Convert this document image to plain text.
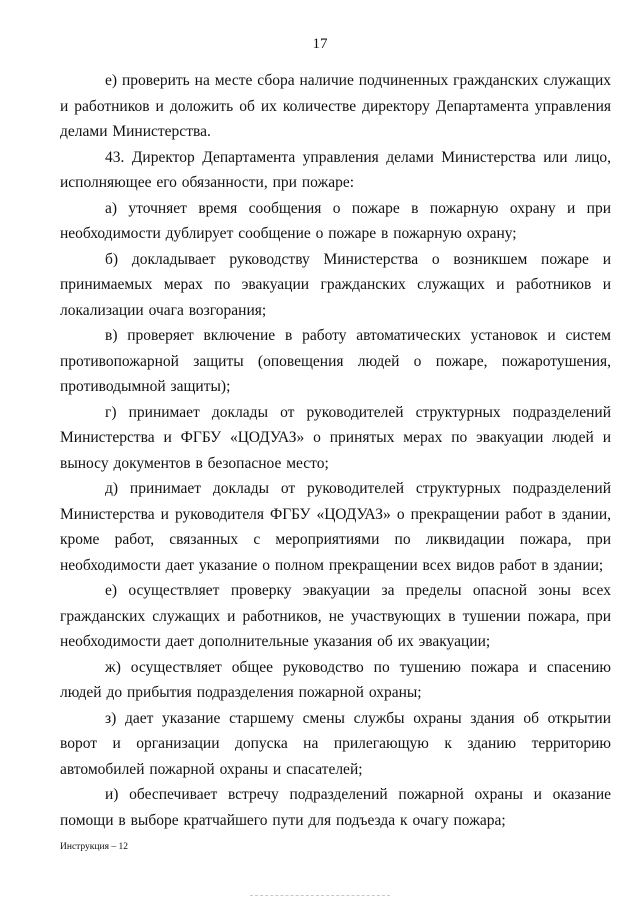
17

е) проверить на месте сбора наличие подчиненных гражданских служащих и работников и доложить об их количестве директору Департамента управления делами Министерства.

43. Директор Департамента управления делами Министерства или лицо, исполняющее его обязанности, при пожаре:

а) уточняет время сообщения о пожаре в пожарную охрану и при необходимости дублирует сообщение о пожаре в пожарную охрану;

б) докладывает руководству Министерства о возникшем пожаре и принимаемых мерах по эвакуации гражданских служащих и работников и локализации очага возгорания;

в) проверяет включение в работу автоматических установок и систем противопожарной защиты (оповещения людей о пожаре, пожаротушения, противодымной защиты);

г) принимает доклады от руководителей структурных подразделений Министерства и ФГБУ «ЦОДУАЗ» о принятых мерах по эвакуации людей и выносу документов в безопасное место;

д) принимает доклады от руководителей структурных подразделений Министерства и руководителя ФГБУ «ЦОДУАЗ» о прекращении работ в здании, кроме работ, связанных с мероприятиями по ликвидации пожара, при необходимости дает указание о полном прекращении всех видов работ в здании;

е) осуществляет проверку эвакуации за пределы опасной зоны всех гражданских служащих и работников, не участвующих в тушении пожара, при необходимости дает дополнительные указания об их эвакуации;

ж) осуществляет общее руководство по тушению пожара и спасению людей до прибытия подразделения пожарной охраны;

з) дает указание старшему смены службы охраны здания об открытии ворот и организации допуска на прилегающую к зданию территорию автомобилей пожарной охраны и спасателей;

и) обеспечивает встречу подразделений пожарной охраны и оказание помощи в выборе кратчайшего пути для подъезда к очагу пожара;

Инструкция – 12
